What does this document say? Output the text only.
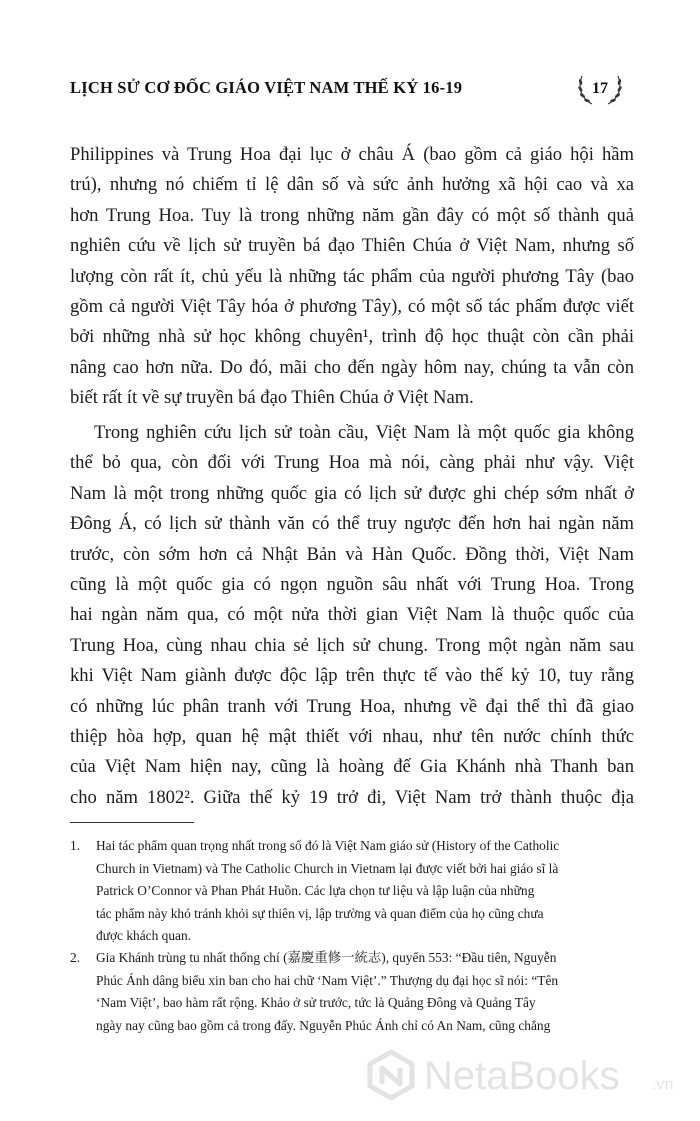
LỊCH SỬ CƠ ĐỐC GIÁO VIỆT NAM THẾ KỶ 16-19	17
Philippines và Trung Hoa đại lục ở châu Á (bao gồm cả giáo hội hầm
trú), nhưng nó chiếm tỉ lệ dân số và sức ảnh hưởng xã hội cao và xa
hơn Trung Hoa. Tuy là trong những năm gần đây có một số thành quả
nghiên cứu về lịch sử truyền bá đạo Thiên Chúa ở Việt Nam, nhưng số
lượng còn rất ít, chủ yếu là những tác phẩm của người phương Tây (bao
gồm cả người Việt Tây hóa ở phương Tây), có một số tác phẩm được viết
bởi những nhà sử học không chuyên¹, trình độ học thuật còn cần phải
nâng cao hơn nữa. Do đó, mãi cho đến ngày hôm nay, chúng ta vẫn còn
biết rất ít về sự truyền bá đạo Thiên Chúa ở Việt Nam.
Trong nghiên cứu lịch sử toàn cầu, Việt Nam là một quốc gia không
thể bỏ qua, còn đối với Trung Hoa mà nói, càng phải như vậy. Việt
Nam là một trong những quốc gia có lịch sử được ghi chép sớm nhất ở
Đông Á, có lịch sử thành văn có thể truy ngược đến hơn hai ngàn năm
trước, còn sớm hơn cả Nhật Bản và Hàn Quốc. Đồng thời, Việt Nam
cũng là một quốc gia có ngọn nguồn sâu nhất với Trung Hoa. Trong
hai ngàn năm qua, có một nửa thời gian Việt Nam là thuộc quốc của
Trung Hoa, cùng nhau chia sẻ lịch sử chung. Trong một ngàn năm sau
khi Việt Nam giành được độc lập trên thực tế vào thế kỷ 10, tuy rằng
có những lúc phân tranh với Trung Hoa, nhưng về đại thể thì đã giao
thiệp hòa hợp, quan hệ mật thiết với nhau, như tên nước chính thức
của Việt Nam hiện nay, cũng là hoàng đế Gia Khánh nhà Thanh ban
cho năm 1802². Giữa thế kỷ 19 trở đi, Việt Nam trở thành thuộc địa
1. Hai tác phẩm quan trọng nhất trong số đó là Việt Nam giáo sử (History of the Catholic
Church in Vietnam) và The Catholic Church in Vietnam lại được viết bởi hai giáo sĩ là
Patrick O’Connor và Phan Phát Huồn. Các lựa chọn tư liệu và lập luận của những
tác phẩm này khó tránh khỏi sự thiên vị, lập trường và quan điểm của họ cũng chưa
được khách quan.
2. Gia Khánh trùng tu nhất thống chí (嘉慶重修一統志), quyển 553: “Đầu tiên, Nguyễn
Phúc Ánh dâng biểu xin ban cho hai chữ ‘Nam Việt’.” Thượng dụ đại học sĩ nói: “Tên
‘Nam Việt’, bao hàm rất rộng. Khảo ở sử trước, tức là Quảng Đông và Quảng Tây
ngày nay cũng bao gồm cả trong đấy. Nguyễn Phúc Ánh chỉ có An Nam, cũng chẳng
NetaBooks .vn
